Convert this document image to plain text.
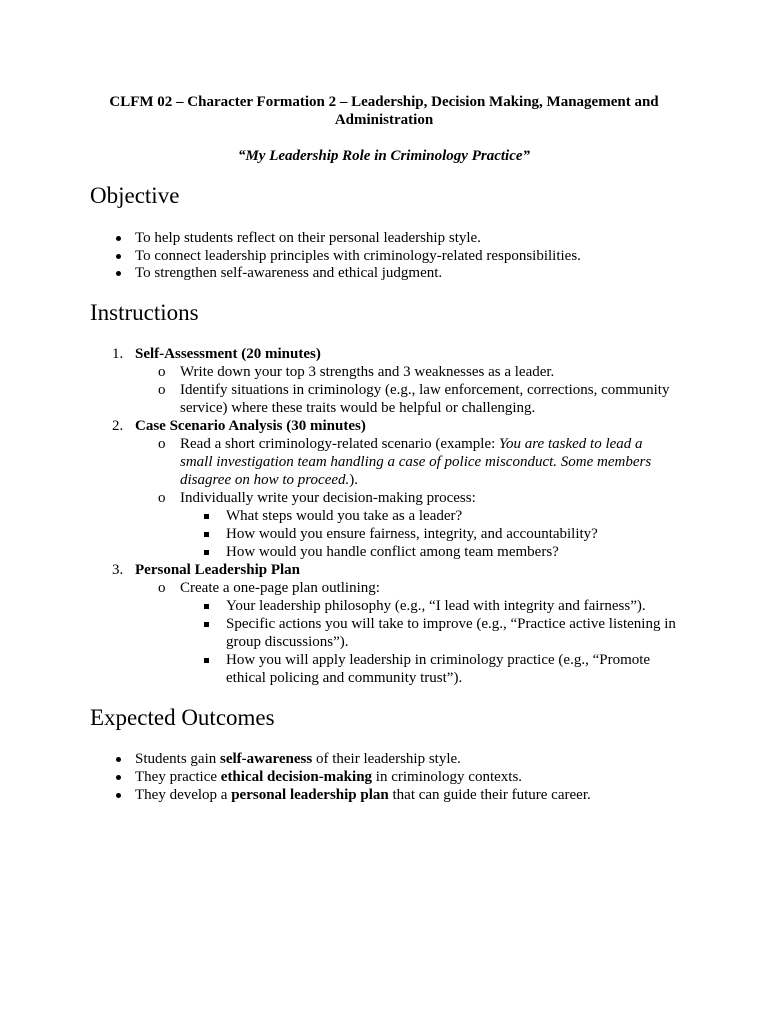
CLFM 02 – Character Formation 2 – Leadership, Decision Making, Management and
Administration
“My Leadership Role in Criminology Practice”
Objective
To help students reflect on their personal leadership style.
To connect leadership principles with criminology-related responsibilities.
To strengthen self-awareness and ethical judgment.
Instructions
1. Self-Assessment (20 minutes)
o Write down your top 3 strengths and 3 weaknesses as a leader.
o Identify situations in criminology (e.g., law enforcement, corrections, community
service) where these traits would be helpful or challenging.
2. Case Scenario Analysis (30 minutes)
o Read a short criminology-related scenario (example: You are tasked to lead a
small investigation team handling a case of police misconduct. Some members
disagree on how to proceed.).
o Individually write your decision-making process:
What steps would you take as a leader?
How would you ensure fairness, integrity, and accountability?
How would you handle conflict among team members?
3. Personal Leadership Plan
o Create a one-page plan outlining:
Your leadership philosophy (e.g., “I lead with integrity and fairness”).
Specific actions you will take to improve (e.g., “Practice active listening in
group discussions”).
How you will apply leadership in criminology practice (e.g., “Promote
ethical policing and community trust”).
Expected Outcomes
Students gain self-awareness of their leadership style.
They practice ethical decision-making in criminology contexts.
They develop a personal leadership plan that can guide their future career.
